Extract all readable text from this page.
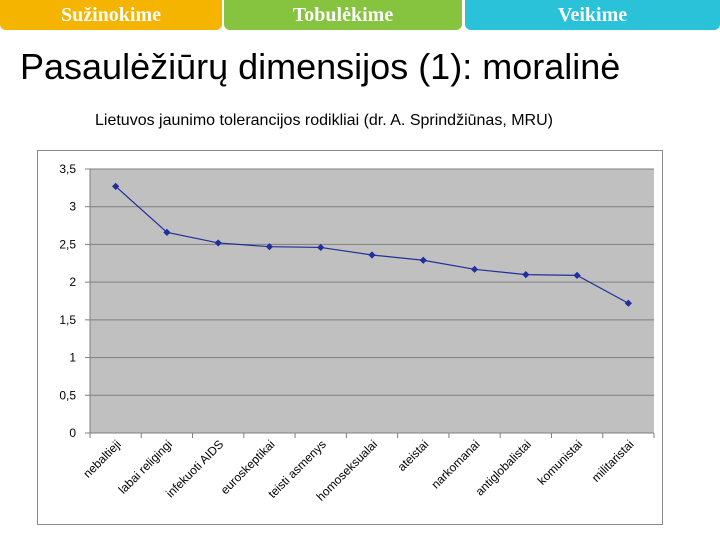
Sužinokime	Tobulėkime	Veikime
Pasaulėžiūrų dimensijos (1): moralinė
Lietuvos jaunimo tolerancijos rodikliai (dr. A. Sprindžiūnas, MRU)
0
0,5
1
1,5
2
2,5
3
3,5
nebaltieji
labai religingi
infekuoti AIDS
euroskeptikai
teisti asmenys
homoseksualai ateistai
narkomanai
antiglobalistai komunistai militaristai
